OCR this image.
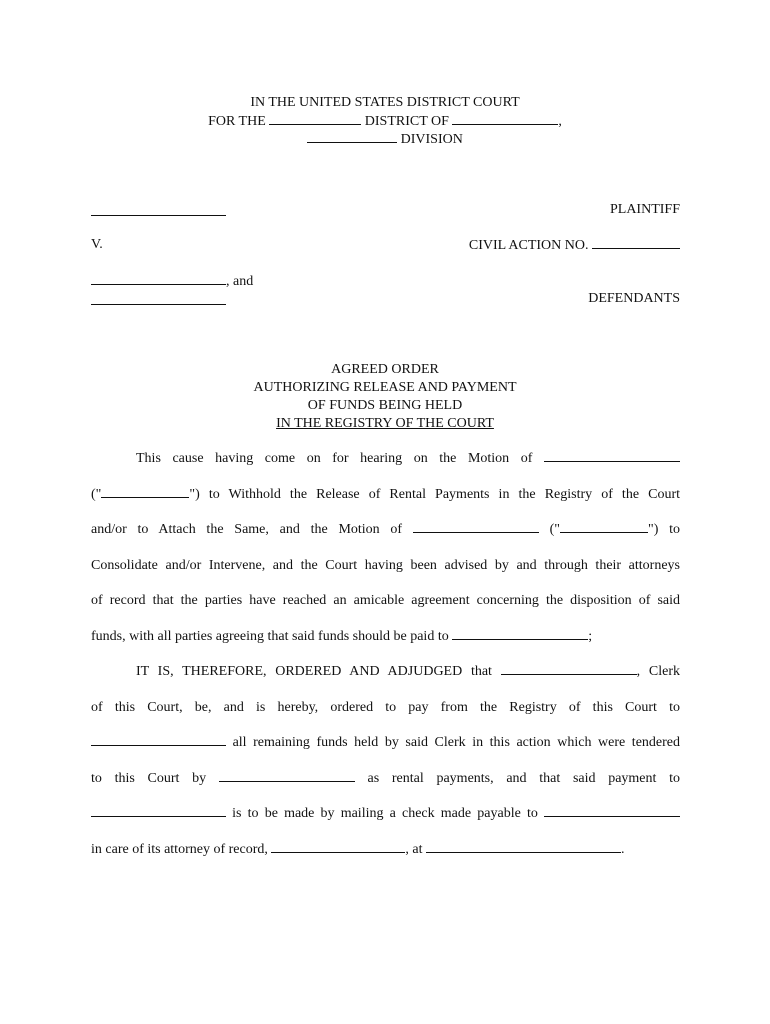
IN THE UNITED STATES DISTRICT COURT
FOR THE	DISTRICT OF	,
DIVISION
PLAINTIFF
V.	CIVIL ACTION NO.
, and
DEFENDANTS
AGREED ORDER
AUTHORIZING RELEASE AND PAYMENT
OF FUNDS BEING HELD
IN THE REGISTRY OF THE COURT
This cause having come on for hearing on the Motion of
("	") to Withhold the Release of Rental Payments in the Registry of the Court
and/or to Attach the Same, and the Motion of	("	") to
Consolidate and/or Intervene, and the Court having been advised by and through their attorneys
of record that the parties have reached an amicable agreement concerning the disposition of said
funds, with all parties agreeing that said funds should be paid to	;
IT IS, THEREFORE, ORDERED AND ADJUDGED that	, Clerk
of this Court, be, and is hereby, ordered to pay from the Registry of this Court to
all remaining funds held by said Clerk in this action which were tendered
to this Court by	as rental payments, and that said payment to
is to be made by mailing a check made payable to
in care of its attorney of record,	, at	.
